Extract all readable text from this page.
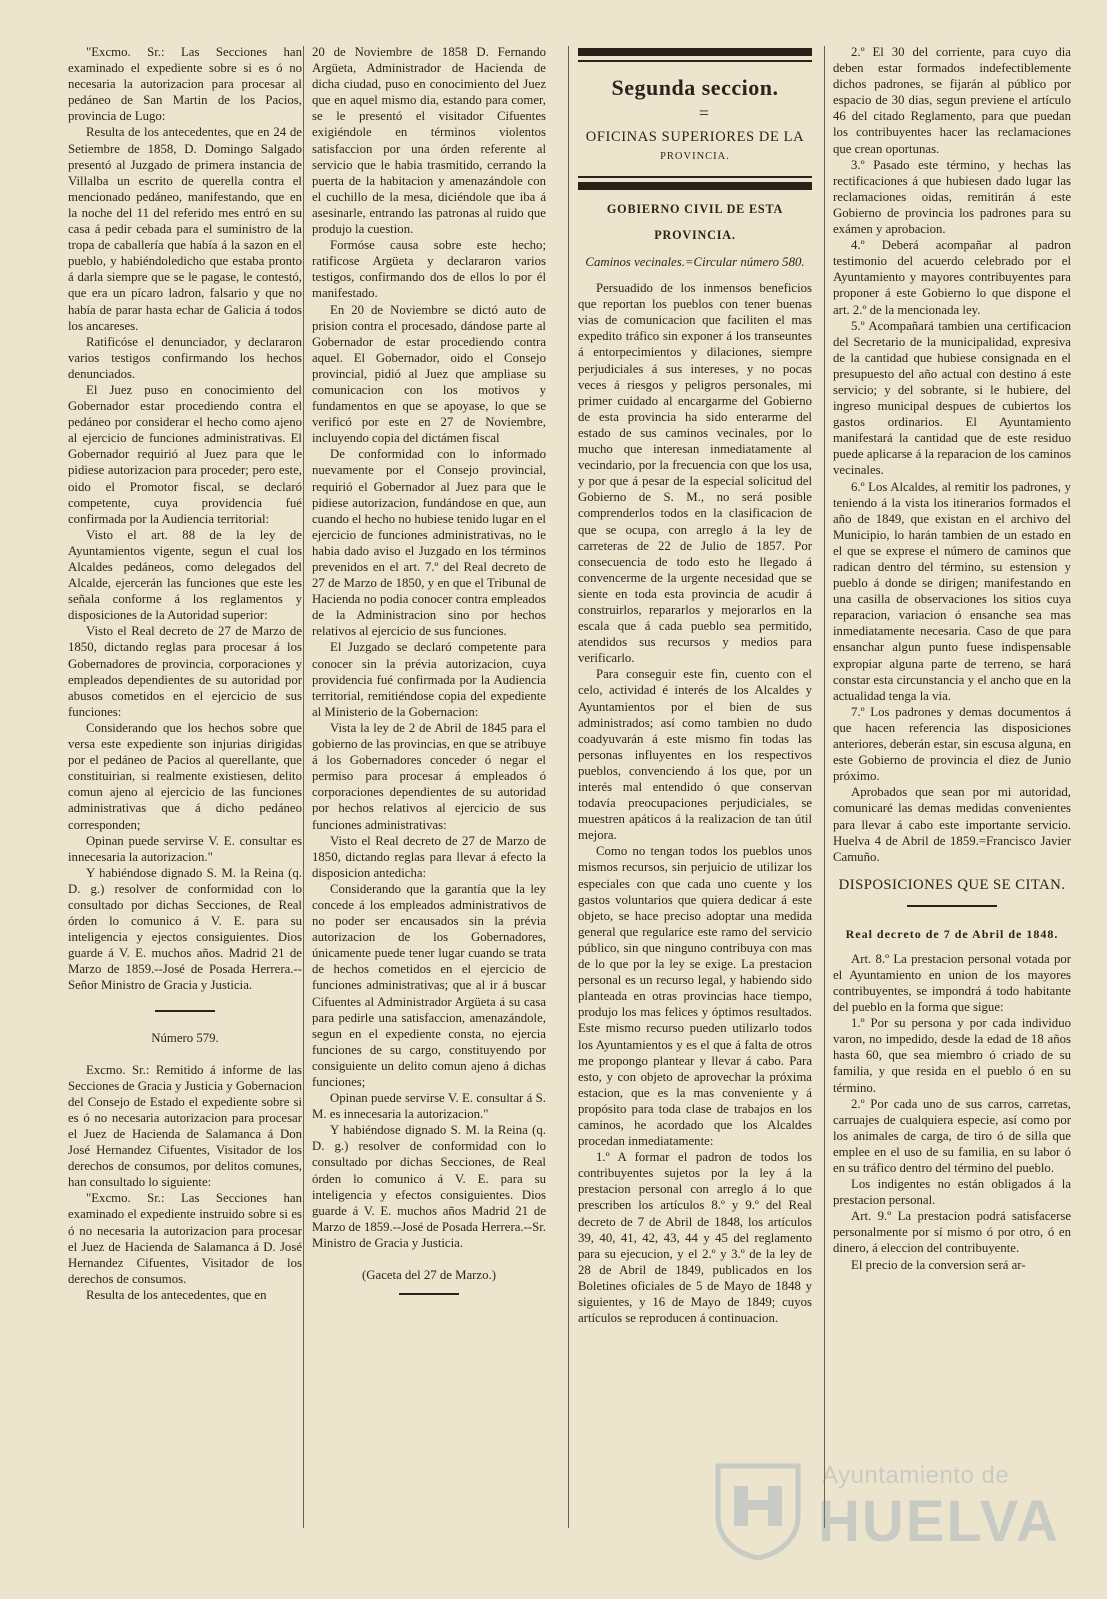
"Excmo. Sr.: Las Secciones han examinado el expediente sobre si es ó no necesaria la autorizacion para procesar al pedáneo de San Martin de los Pacios, provincia de Lugo:

Resulta de los antecedentes, que en 24 de Setiembre de 1858, D. Domingo Salgado presentó al Juzgado de primera instancia de Villalba un escrito de querella contra el mencionado pedáneo, manifestando, que en la noche del 11 del referido mes entró en su casa á pedir cebada para el suministro de la tropa de caballería que había á la sazon en el pueblo, y habiéndoledicho que estaba pronto á darla siempre que se le pagase, le contestó, que era un pícaro ladron, falsario y que no había de parar hasta echar de Galicia á todos los ancareses.

Ratificóse el denunciador, y declararon varios testigos confirmando los hechos denunciados.

El Juez puso en conocimiento del Gobernador estar procediendo contra el pedáneo por considerar el hecho como ajeno al ejercicio de funciones administrativas. El Gobernador requirió al Juez para que le pidiese autorizacion para proceder; pero este, oido el Promotor fiscal, se declaró competente, cuya providencia fué confirmada por la Audiencia territorial:

Visto el art. 88 de la ley de Ayuntamientos vigente, segun el cual los Alcaldes pedáneos, como delegados del Alcalde, ejercerán las funciones que este les señala conforme á los reglamentos y disposiciones de la Autoridad superior:

Visto el Real decreto de 27 de Marzo de 1850, dictando reglas para procesar á los Gobernadores de provincia, corporaciones y empleados dependientes de su autoridad por abusos cometidos en el ejercicio de sus funciones:

Considerando que los hechos sobre que versa este expediente son injurias dirigidas por el pedáneo de Pacios al querellante, que constituirian, si realmente existiesen, delito comun ajeno al ejercicio de las funciones administrativas que á dicho pedáneo corresponden;

Opinan puede servirse V. E. consultar es innecesaria la autorizacion."

Y habiéndose dignado S. M. la Reina (q. D. g.) resolver de conformidad con lo consultado por dichas Secciones, de Real órden lo comunico á V. E. para su inteligencia y ejectos consiguientes. Dios guarde á V. E. muchos años. Madrid 21 de Marzo de 1859.--José de Posada Herrera.--Señor Ministro de Gracia y Justicia.

Número 579.

Excmo. Sr.: Remitido á informe de las Secciones de Gracia y Justicia y Gobernacion del Consejo de Estado el expediente sobre si es ó no necesaria autorizacion para procesar el Juez de Hacienda de Salamanca á Don José Hernandez Cifuentes, Visitador de los derechos de consumos, por delitos comunes, han consultado lo siguiente:

"Excmo. Sr.: Las Secciones han examinado el expediente instruido sobre si es ó no necesaria la autorizacion para procesar el Juez de Hacienda de Salamanca á D. José Hernandez Cifuentes, Visitador de los derechos de consumos.

Resulta de los antecedentes, que en

20 de Noviembre de 1858 D. Fernando Argüeta, Administrador de Hacienda de dicha ciudad, puso en conocimiento del Juez que en aquel mismo dia, estando para comer, se le presentó el visitador Cifuentes exigiéndole en términos violentos satisfaccion por una órden referente al servicio que le habia trasmitido, cerrando la puerta de la habitacion y amenazándole con el cuchillo de la mesa, diciéndole que iba á asesinarle, entrando las patronas al ruido que produjo la cuestion.

Formóse causa sobre este hecho; ratificose Argüeta y declararon varios testigos, confirmando dos de ellos lo por él manifestado.

En 20 de Noviembre se dictó auto de prision contra el procesado, dándose parte al Gobernador de estar procediendo contra aquel. El Gobernador, oido el Consejo provincial, pidió al Juez que ampliase su comunicacion con los motivos y fundamentos en que se apoyase, lo que se verificó por este en 27 de Noviembre, incluyendo copia del dictámen fiscal

De conformidad con lo informado nuevamente por el Consejo provincial, requirió el Gobernador al Juez para que le pidiese autorizacion, fundándose en que, aun cuando el hecho no hubiese tenido lugar en el ejercicio de funciones administrativas, no le habia dado aviso el Juzgado en los términos prevenidos en el art. 7.º del Real decreto de 27 de Marzo de 1850, y en que el Tribunal de Hacienda no podia conocer contra empleados de la Administracion sino por hechos relativos al ejercicio de sus funciones.

El Juzgado se declaró competente para conocer sin la prévia autorizacion, cuya providencia fué confirmada por la Audiencia territorial, remitiéndose copia del expediente al Ministerio de la Gobernacion:

Vista la ley de 2 de Abril de 1845 para el gobierno de las provincias, en que se atribuye á los Gobernadores conceder ó negar el permiso para procesar á empleados ó corporaciones dependientes de su autoridad por hechos relativos al ejercicio de sus funciones administrativas:

Visto el Real decreto de 27 de Marzo de 1850, dictando reglas para llevar á efecto la disposicion antedicha:

Considerando que la garantía que la ley concede á los empleados administrativos de no poder ser encausados sin la prévia autorizacion de los Gobernadores, únicamente puede tener lugar cuando se trata de hechos cometidos en el ejercicio de funciones administrativas; que al ir á buscar Cifuentes al Administrador Argüeta á su casa para pedirle una satisfaccion, amenazándole, segun en el expediente consta, no ejercia funciones de su cargo, constituyendo por consiguiente un delito comun ajeno á dichas funciones;

Opinan puede servirse V. E. consultar á S. M. es innecesaria la autorizacion."

Y habiéndose dignado S. M. la Reina (q. D. g.) resolver de conformidad con lo consultado por dichas Secciones, de Real órden lo comunico á V. E. para su inteligencia y efectos consiguientes. Dios guarde á V. E. muchos años Madrid 21 de Marzo de 1859.--José de Posada Herrera.--Sr. Ministro de Gracia y Justicia.

(Gaceta del 27 de Marzo.)

Segunda seccion.

=

OFICINAS SUPERIORES DE LA

PROVINCIA.

GOBIERNO CIVIL DE ESTA PROVINCIA.

Caminos vecinales.=Circular número 580.

Persuadido de los inmensos beneficios que reportan los pueblos con tener buenas vias de comunicacion que faciliten el mas expedito tráfico sin exponer á los transeuntes á entorpecimientos y dilaciones, siempre perjudiciales á sus intereses, y no pocas veces á riesgos y peligros personales, mi primer cuidado al encargarme del Gobierno de esta provincia ha sido enterarme del estado de sus caminos vecinales, por lo mucho que interesan inmediatamente al vecindario, por la frecuencia con que los usa, y por que á pesar de la especial solicitud del Gobierno de S. M., no será posible comprenderlos todos en la clasificacion de que se ocupa, con arreglo á la ley de carreteras de 22 de Julio de 1857. Por consecuencia de todo esto he llegado á convencerme de la urgente necesidad que se siente en toda esta provincia de acudir á construirlos, repararlos y mejorarlos en la escala que á cada pueblo sea permitido, atendidos sus recursos y medios para verificarlo.

Para conseguir este fin, cuento con el celo, actividad é interés de los Alcaldes y Ayuntamientos por el bien de sus administrados; así como tambien no dudo coadyuvarán á este mismo fin todas las personas influyentes en los respectivos pueblos, convenciendo á los que, por un interés mal entendido ó que conservan todavía preocupaciones perjudiciales, se muestren apáticos á la realizacion de tan útil mejora.

Como no tengan todos los pueblos unos mismos recursos, sin perjuicio de utilizar los especiales con que cada uno cuente y los gastos voluntarios que quiera dedicar á este objeto, se hace preciso adoptar una medida general que regularice este ramo del servicio público, sin que ninguno contribuya con mas de lo que por la ley se exige. La prestacion personal es un recurso legal, y habiendo sido planteada en otras provincias hace tiempo, produjo los mas felices y óptimos resultados. Este mismo recurso pueden utilizarlo todos los Ayuntamientos y es el que á falta de otros me propongo plantear y llevar á cabo. Para esto, y con objeto de aprovechar la próxima estacion, que es la mas conveniente y á propósito para toda clase de trabajos en los caminos, he acordado que los Alcaldes procedan inmediatamente:

1.º A formar el padron de todos los contribuyentes sujetos por la ley á la prestacion personal con arreglo á lo que prescriben los artículos 8.º y 9.º del Real decreto de 7 de Abril de 1848, los artículos 39, 40, 41, 42, 43, 44 y 45 del reglamento para su ejecucion, y el 2.º y 3.º de la ley de 28 de Abril de 1849, publicados en los Boletines oficiales de 5 de Mayo de 1848 y siguientes, y 16 de Mayo de 1849; cuyos artículos se reproducen á continuacion.

2.º El 30 del corriente, para cuyo dia deben estar formados indefectiblemente dichos padrones, se fijarán al público por espacio de 30 dias, segun previene el artículo 46 del citado Reglamento, para que puedan los contribuyentes hacer las reclamaciones que crean oportunas.

3.º Pasado este término, y hechas las rectificaciones á que hubiesen dado lugar las reclamaciones oidas, remitirán á este Gobierno de provincia los padrones para su exámen y aprobacion.

4.º Deberá acompañar al padron testimonio del acuerdo celebrado por el Ayuntamiento y mayores contribuyentes para proponer á este Gobierno lo que dispone el art. 2.º de la mencionada ley.

5.º Acompañará tambien una certificacion del Secretario de la municipalidad, expresiva de la cantidad que hubiese consignada en el presupuesto del año actual con destino á este servicio; y del sobrante, si le hubiere, del ingreso municipal despues de cubiertos los gastos ordinarios. El Ayuntamiento manifestará la cantidad que de este residuo puede aplicarse á la reparacion de los caminos vecinales.

6.º Los Alcaldes, al remitir los padrones, y teniendo á la vista los itinerarios formados el año de 1849, que existan en el archivo del Municipio, lo harán tambien de un estado en el que se exprese el número de caminos que radican dentro del término, su estension y pueblo á donde se dirigen; manifestando en una casilla de observaciones los sitios cuya reparacion, variacion ó ensanche sea mas inmediatamente necesaria. Caso de que para ensanchar algun punto fuese indispensable expropiar alguna parte de terreno, se hará constar esta circunstancia y el ancho que en la actualidad tenga la via.

7.º Los padrones y demas documentos á que hacen referencia las disposiciones anteriores, deberán estar, sin escusa alguna, en este Gobierno de provincia el diez de Junio próximo.

Aprobados que sean por mi autoridad, comunicaré las demas medidas convenientes para llevar á cabo este importante servicio. Huelva 4 de Abril de 1859.=Francisco Javier Camuño.

DISPOSICIONES QUE SE CITAN.

Real decreto de 7 de Abril de 1848.

Art. 8.º La prestacion personal votada por el Ayuntamiento en union de los mayores contribuyentes, se impondrá á todo habitante del pueblo en la forma que sigue:

1.º Por su persona y por cada individuo varon, no impedido, desde la edad de 18 años hasta 60, que sea miembro ó criado de su familia, y que resida en el pueblo ó en su término.

2.º Por cada uno de sus carros, carretas, carruajes de cualquiera especie, así como por los animales de carga, de tiro ó de silla que emplee en el uso de su familia, en su labor ó en su tráfico dentro del término del pueblo.

Los indigentes no están obligados á la prestacion personal.

Art. 9.º La prestacion podrá satisfacerse personalmente por sí mismo ó por otro, ó en dinero, á eleccion del contribuyente.

El precio de la conversion será ar-

Ayuntamiento de
HUELVA
